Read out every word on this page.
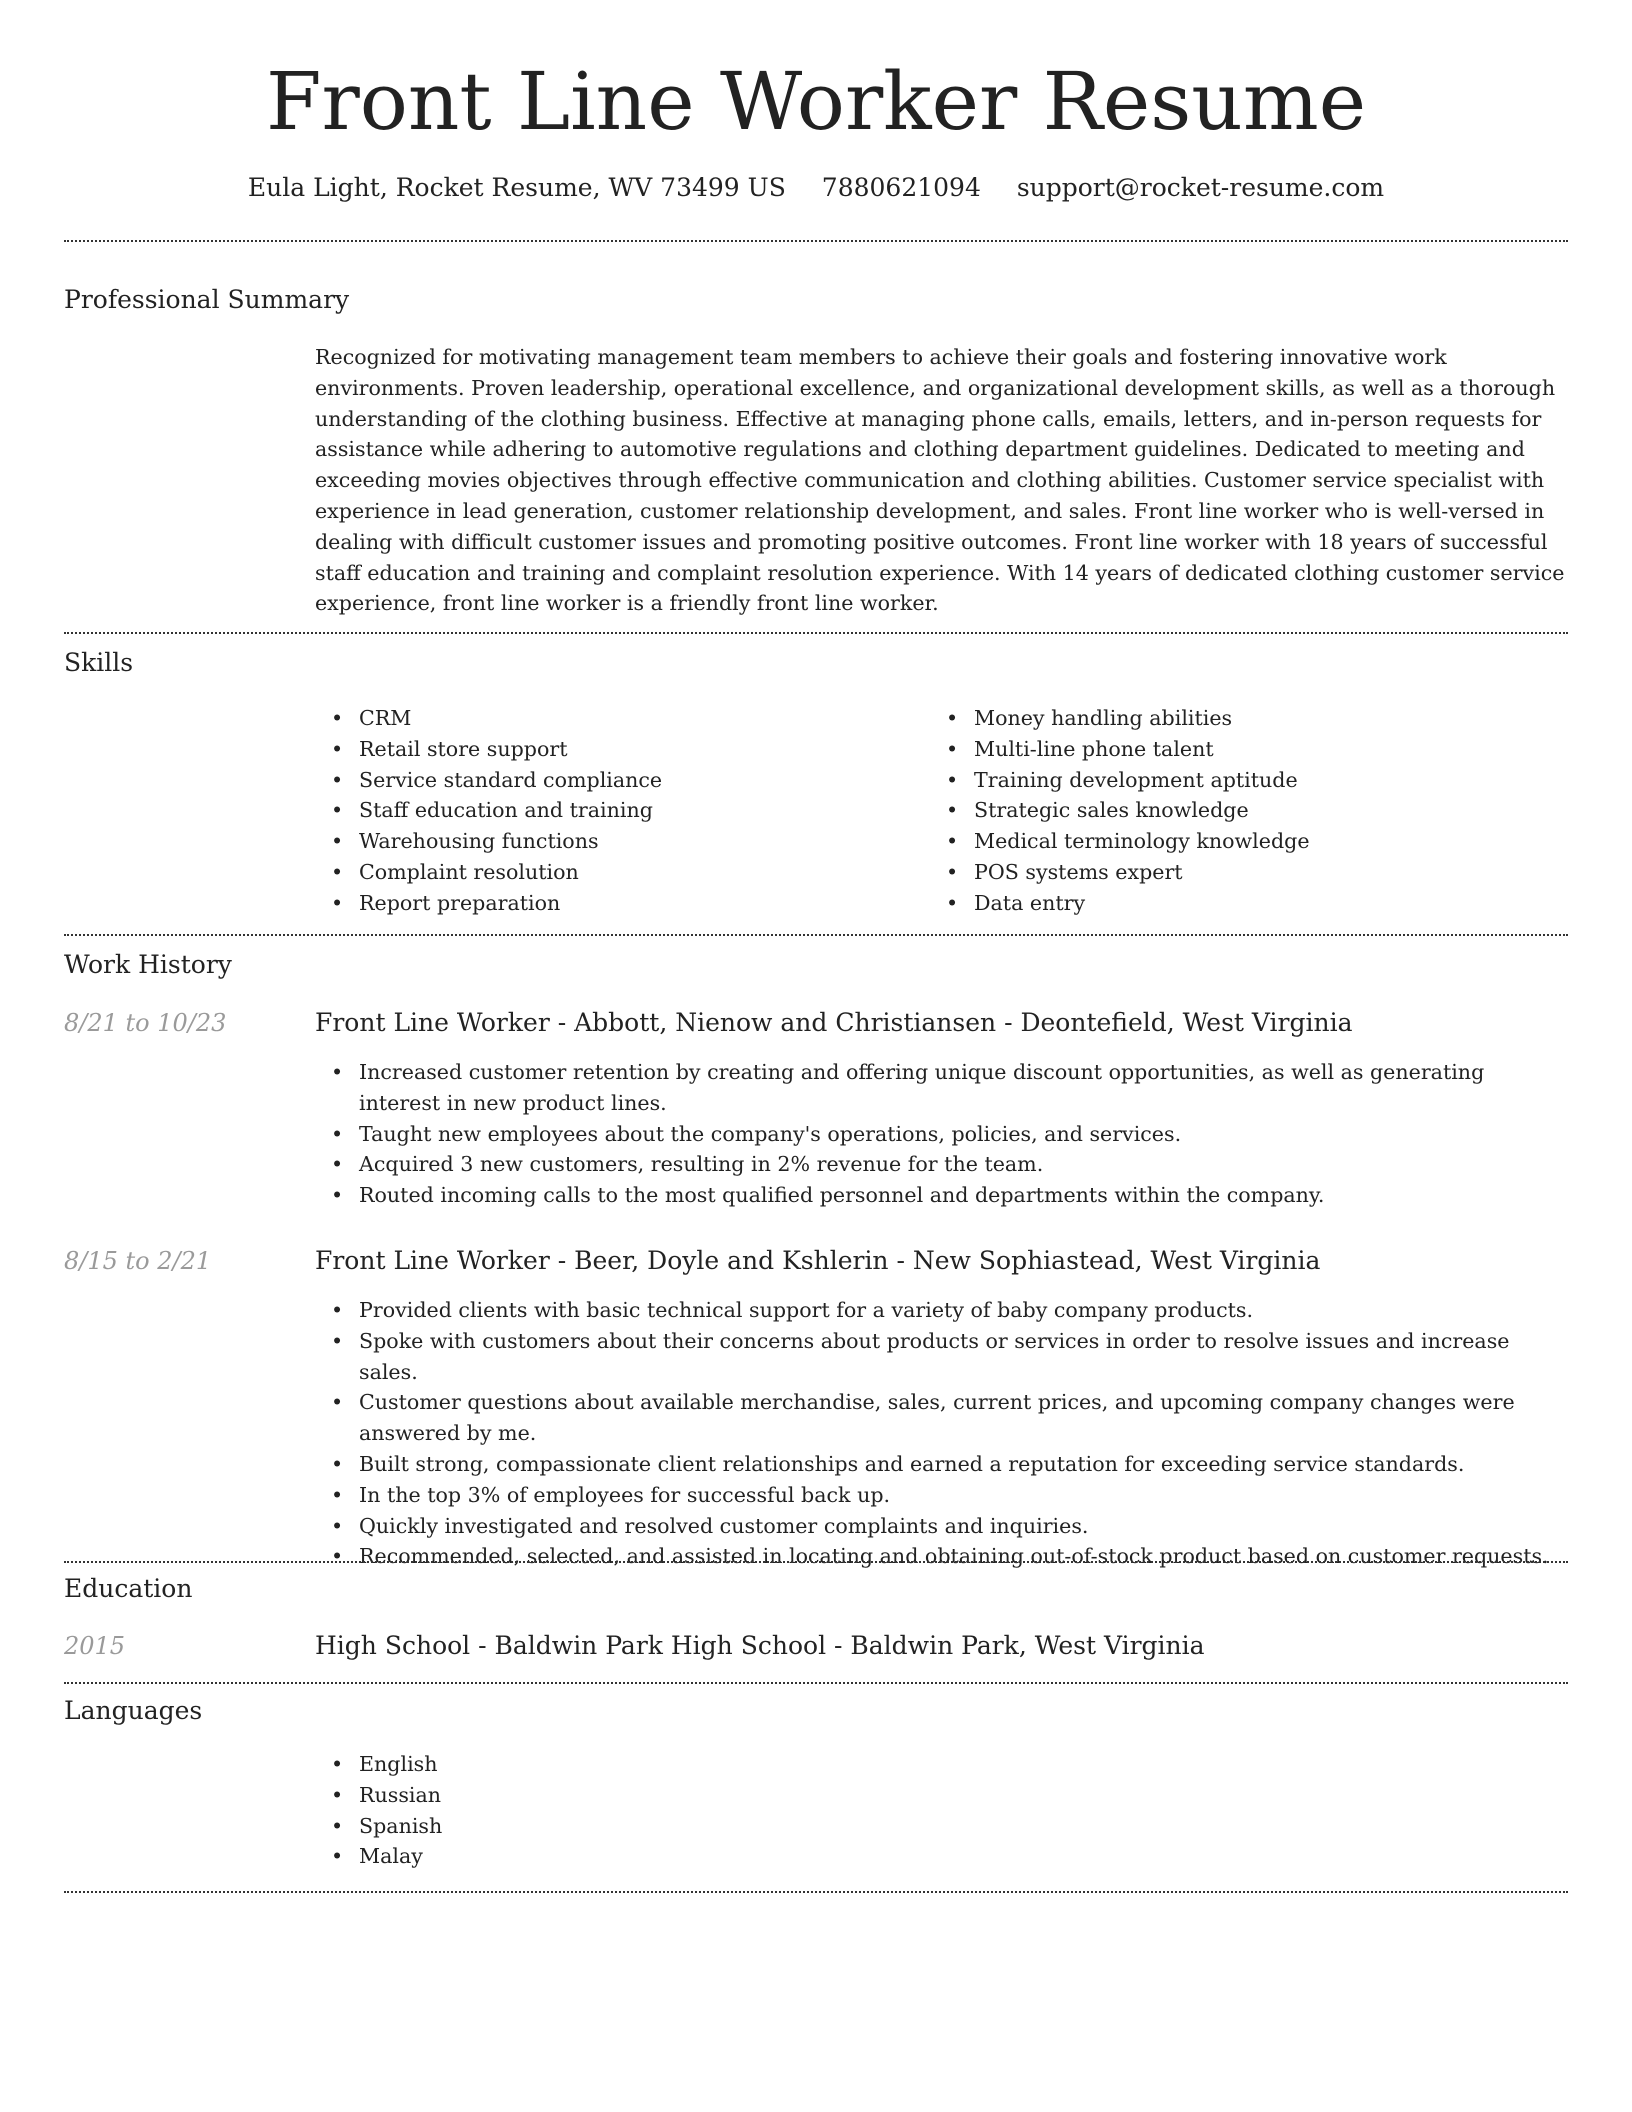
Front Line Worker Resume
Eula Light, Rocket Resume, WV 73499 US 7880621094 support@rocket-resume.com
Professional Summary

Recognized for motivating management team members to achieve their goals and fostering innovative work environments. Proven leadership, operational excellence, and organizational development skills, as well as a thorough understanding of the clothing business. Effective at managing phone calls, emails, letters, and in-person requests for assistance while adhering to automotive regulations and clothing department guidelines. Dedicated to meeting and exceeding movies objectives through effective communication and clothing abilities. Customer service specialist with experience in lead generation, customer relationship development, and sales. Front line worker who is well-versed in dealing with difficult customer issues and promoting positive outcomes. Front line worker with 18 years of successful staff education and training and complaint resolution experience. With 14 years of dedicated clothing customer service experience, front line worker is a friendly front line worker.

Skills
• CRM
• Retail store support
• Service standard compliance
• Staff education and training
• Warehousing functions
• Complaint resolution
• Report preparation
• Money handling abilities
• Multi-line phone talent
• Training development aptitude
• Strategic sales knowledge
• Medical terminology knowledge
• POS systems expert
• Data entry
Work History
8/21 to 10/23	Front Line Worker - Abbott, Nienow and Christiansen - Deontefield, West Virginia
• Increased customer retention by creating and offering unique discount opportunities, as well as generating interest in new product lines.
• Taught new employees about the company's operations, policies, and services.
• Acquired 3 new customers, resulting in 2% revenue for the team.
• Routed incoming calls to the most qualified personnel and departments within the company.
8/15 to 2/21	Front Line Worker - Beer, Doyle and Kshlerin - New Sophiastead, West Virginia
• Provided clients with basic technical support for a variety of baby company products.
• Spoke with customers about their concerns about products or services in order to resolve issues and increase sales.
• Customer questions about available merchandise, sales, current prices, and upcoming company changes were answered by me.
• Built strong, compassionate client relationships and earned a reputation for exceeding service standards.
• In the top 3% of employees for successful back up.
• Quickly investigated and resolved customer complaints and inquiries.
• Recommended, selected, and assisted in locating and obtaining out-of-stock product based on customer requests.
Education
2015	High School - Baldwin Park High School - Baldwin Park, West Virginia
Languages
• English
• Russian
• Spanish
• Malay
